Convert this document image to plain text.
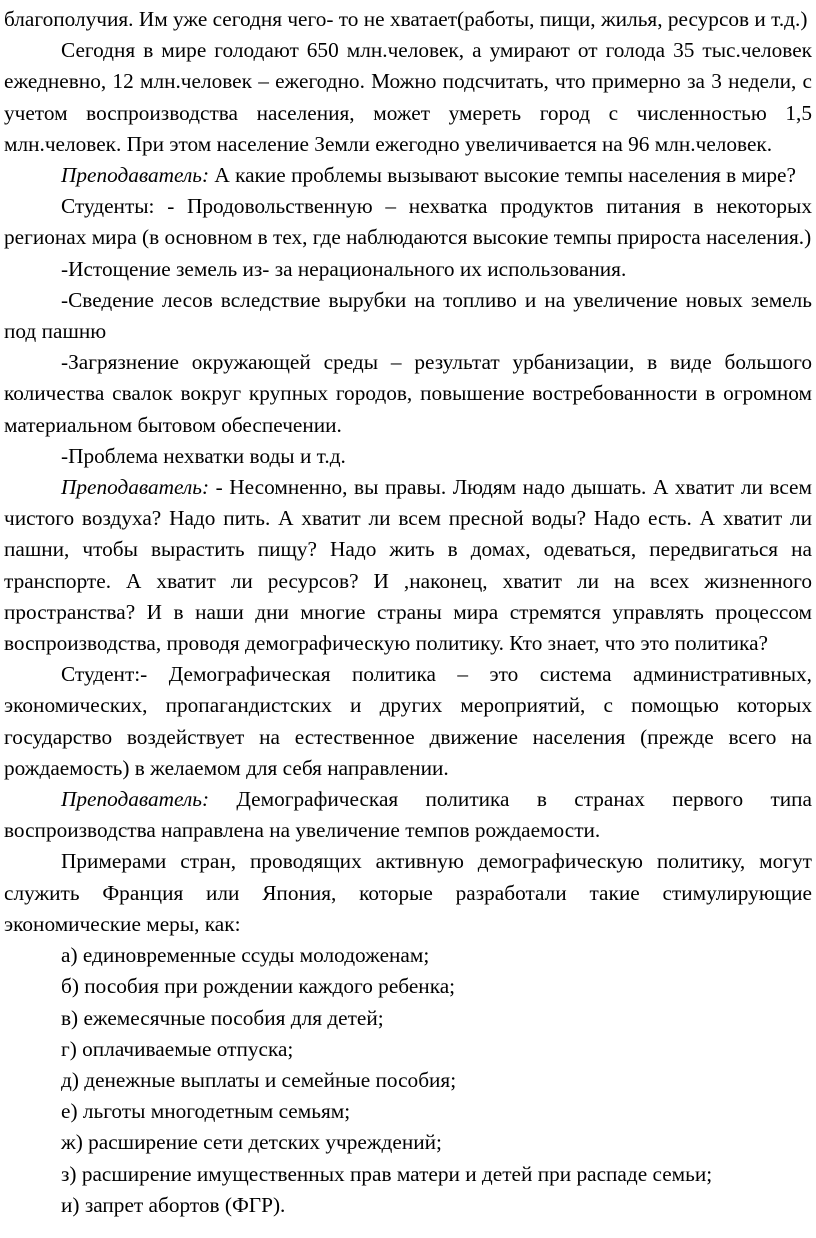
благополучия. Им уже сегодня чего- то не хватает(работы, пищи, жилья, ресурсов и т.д.)

Сегодня в мире голодают 650 млн.человек, а умирают от голода 35 тыс.человек ежедневно, 12 млн.человек – ежегодно. Можно подсчитать, что примерно за 3 недели, с учетом воспроизводства населения, может умереть город с численностью 1,5 млн.человек. При этом население Земли ежегодно увеличивается на 96 млн.человек.

Преподаватель: А какие проблемы вызывают высокие темпы населения в мире?

Студенты: - Продовольственную – нехватка продуктов питания в некоторых регионах мира (в основном в тех, где наблюдаются высокие темпы прироста населения.)

-Истощение земель из- за нерационального их использования.

-Сведение лесов вследствие вырубки на топливо и на увеличение новых земель под пашню

-Загрязнение окружающей среды – результат урбанизации, в виде большого количества свалок вокруг крупных городов, повышение востребованности в огромном материальном бытовом обеспечении.

-Проблема нехватки воды и т.д.

Преподаватель: - Несомненно, вы правы. Людям надо дышать. А хватит ли всем чистого воздуха? Надо пить. А хватит ли всем пресной воды? Надо есть. А хватит ли пашни, чтобы вырастить пищу? Надо жить в домах, одеваться, передвигаться на транспорте. А хватит ли ресурсов? И ,наконец, хватит ли на всех жизненного пространства? И в наши дни многие страны мира стремятся управлять процессом воспроизводства, проводя демографическую политику. Кто знает, что это политика?

Студент:- Демографическая политика – это система административных, экономических, пропагандистских и других мероприятий, с помощью которых государство воздействует на естественное движение населения (прежде всего на рождаемость) в желаемом для себя направлении.

Преподаватель: Демографическая политика в странах первого типа воспроизводства направлена на увеличение темпов рождаемости.

Примерами стран, проводящих активную демографическую политику, могут служить Франция или Япония, которые разработали такие стимулирующие экономические меры, как:

а) единовременные ссуды молодоженам;

б) пособия при рождении каждого ребенка;

в) ежемесячные пособия для детей;

г) оплачиваемые отпуска;

д) денежные выплаты и семейные пособия;

е) льготы многодетным семьям;

ж) расширение сети детских учреждений;

з) расширение имущественных прав матери и детей при распаде семьи;

и) запрет абортов (ФГР).
